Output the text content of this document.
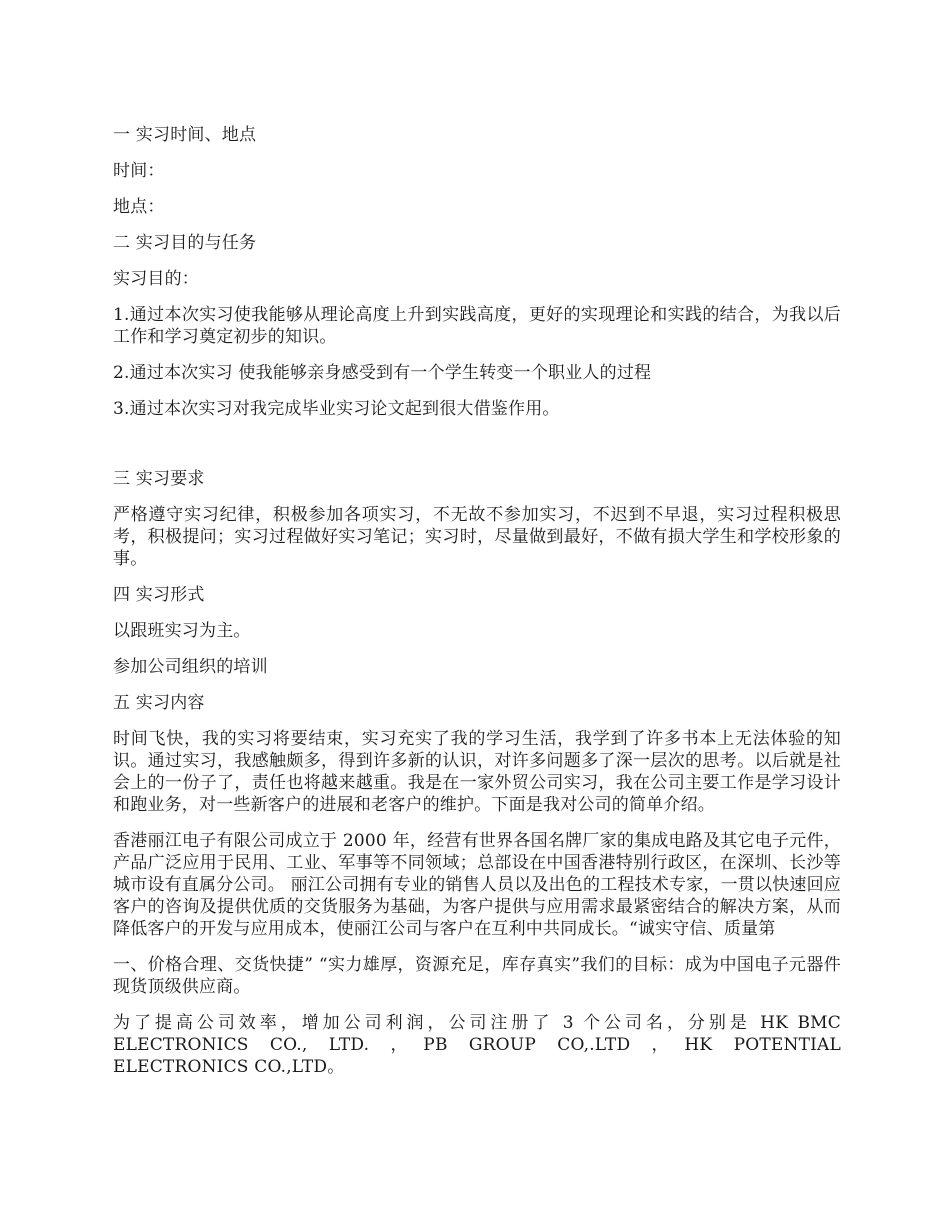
一 实习时间、地点
时间：
地点：
二 实习目的与任务
实习目的：
1.通过本次实习使我能够从理论高度上升到实践高度，更好的实现理论和实践的结合，为我以后工作和学习奠定初步的知识。
2.通过本次实习 使我能够亲身感受到有一个学生转变一个职业人的过程
3.通过本次实习对我完成毕业实习论文起到很大借鉴作用。
三 实习要求
严格遵守实习纪律，积极参加各项实习，不无故不参加实习，不迟到不早退，实习过程积极思考，积极提问；实习过程做好实习笔记；实习时，尽量做到最好，不做有损大学生和学校形象的事。
四 实习形式
以跟班实习为主。
参加公司组织的培训
五 实习内容
时间飞快，我的实习将要结束，实习充实了我的学习生活，我学到了许多书本上无法体验的知识。通过实习，我感触颇多，得到许多新的认识，对许多问题多了深一层次的思考。以后就是社会上的一份子了，责任也将越来越重。我是在一家外贸公司实习，我在公司主要工作是学习设计和跑业务，对一些新客户的进展和老客户的维护。下面是我对公司的简单介绍。
香港丽江电子有限公司成立于 2000 年，经营有世界各国名牌厂家的集成电路及其它电子元件，产品广泛应用于民用、工业、军事等不同领域；总部设在中国香港特别行政区，在深圳、长沙等城市设有直属分公司。 丽江公司拥有专业的销售人员以及出色的工程技术专家，一贯以快速回应客户的咨询及提供优质的交货服务为基础，为客户提供与应用需求最紧密结合的解决方案，从而降低客户的开发与应用成本，使丽江公司与客户在互利中共同成长。“诚实守信、质量第
一、价格合理、交货快捷” “实力雄厚，资源充足，库存真实”我们的目标：成为中国电子元器件现货顶级供应商。
为了提高公司效率，增加公司利润，公司注册了 3 个公司名，分别是 HK BMC ELECTRONICS CO., LTD. ，PB GROUP CO,.LTD ，HK POTENTIAL ELECTRONICS CO.,LTD。
